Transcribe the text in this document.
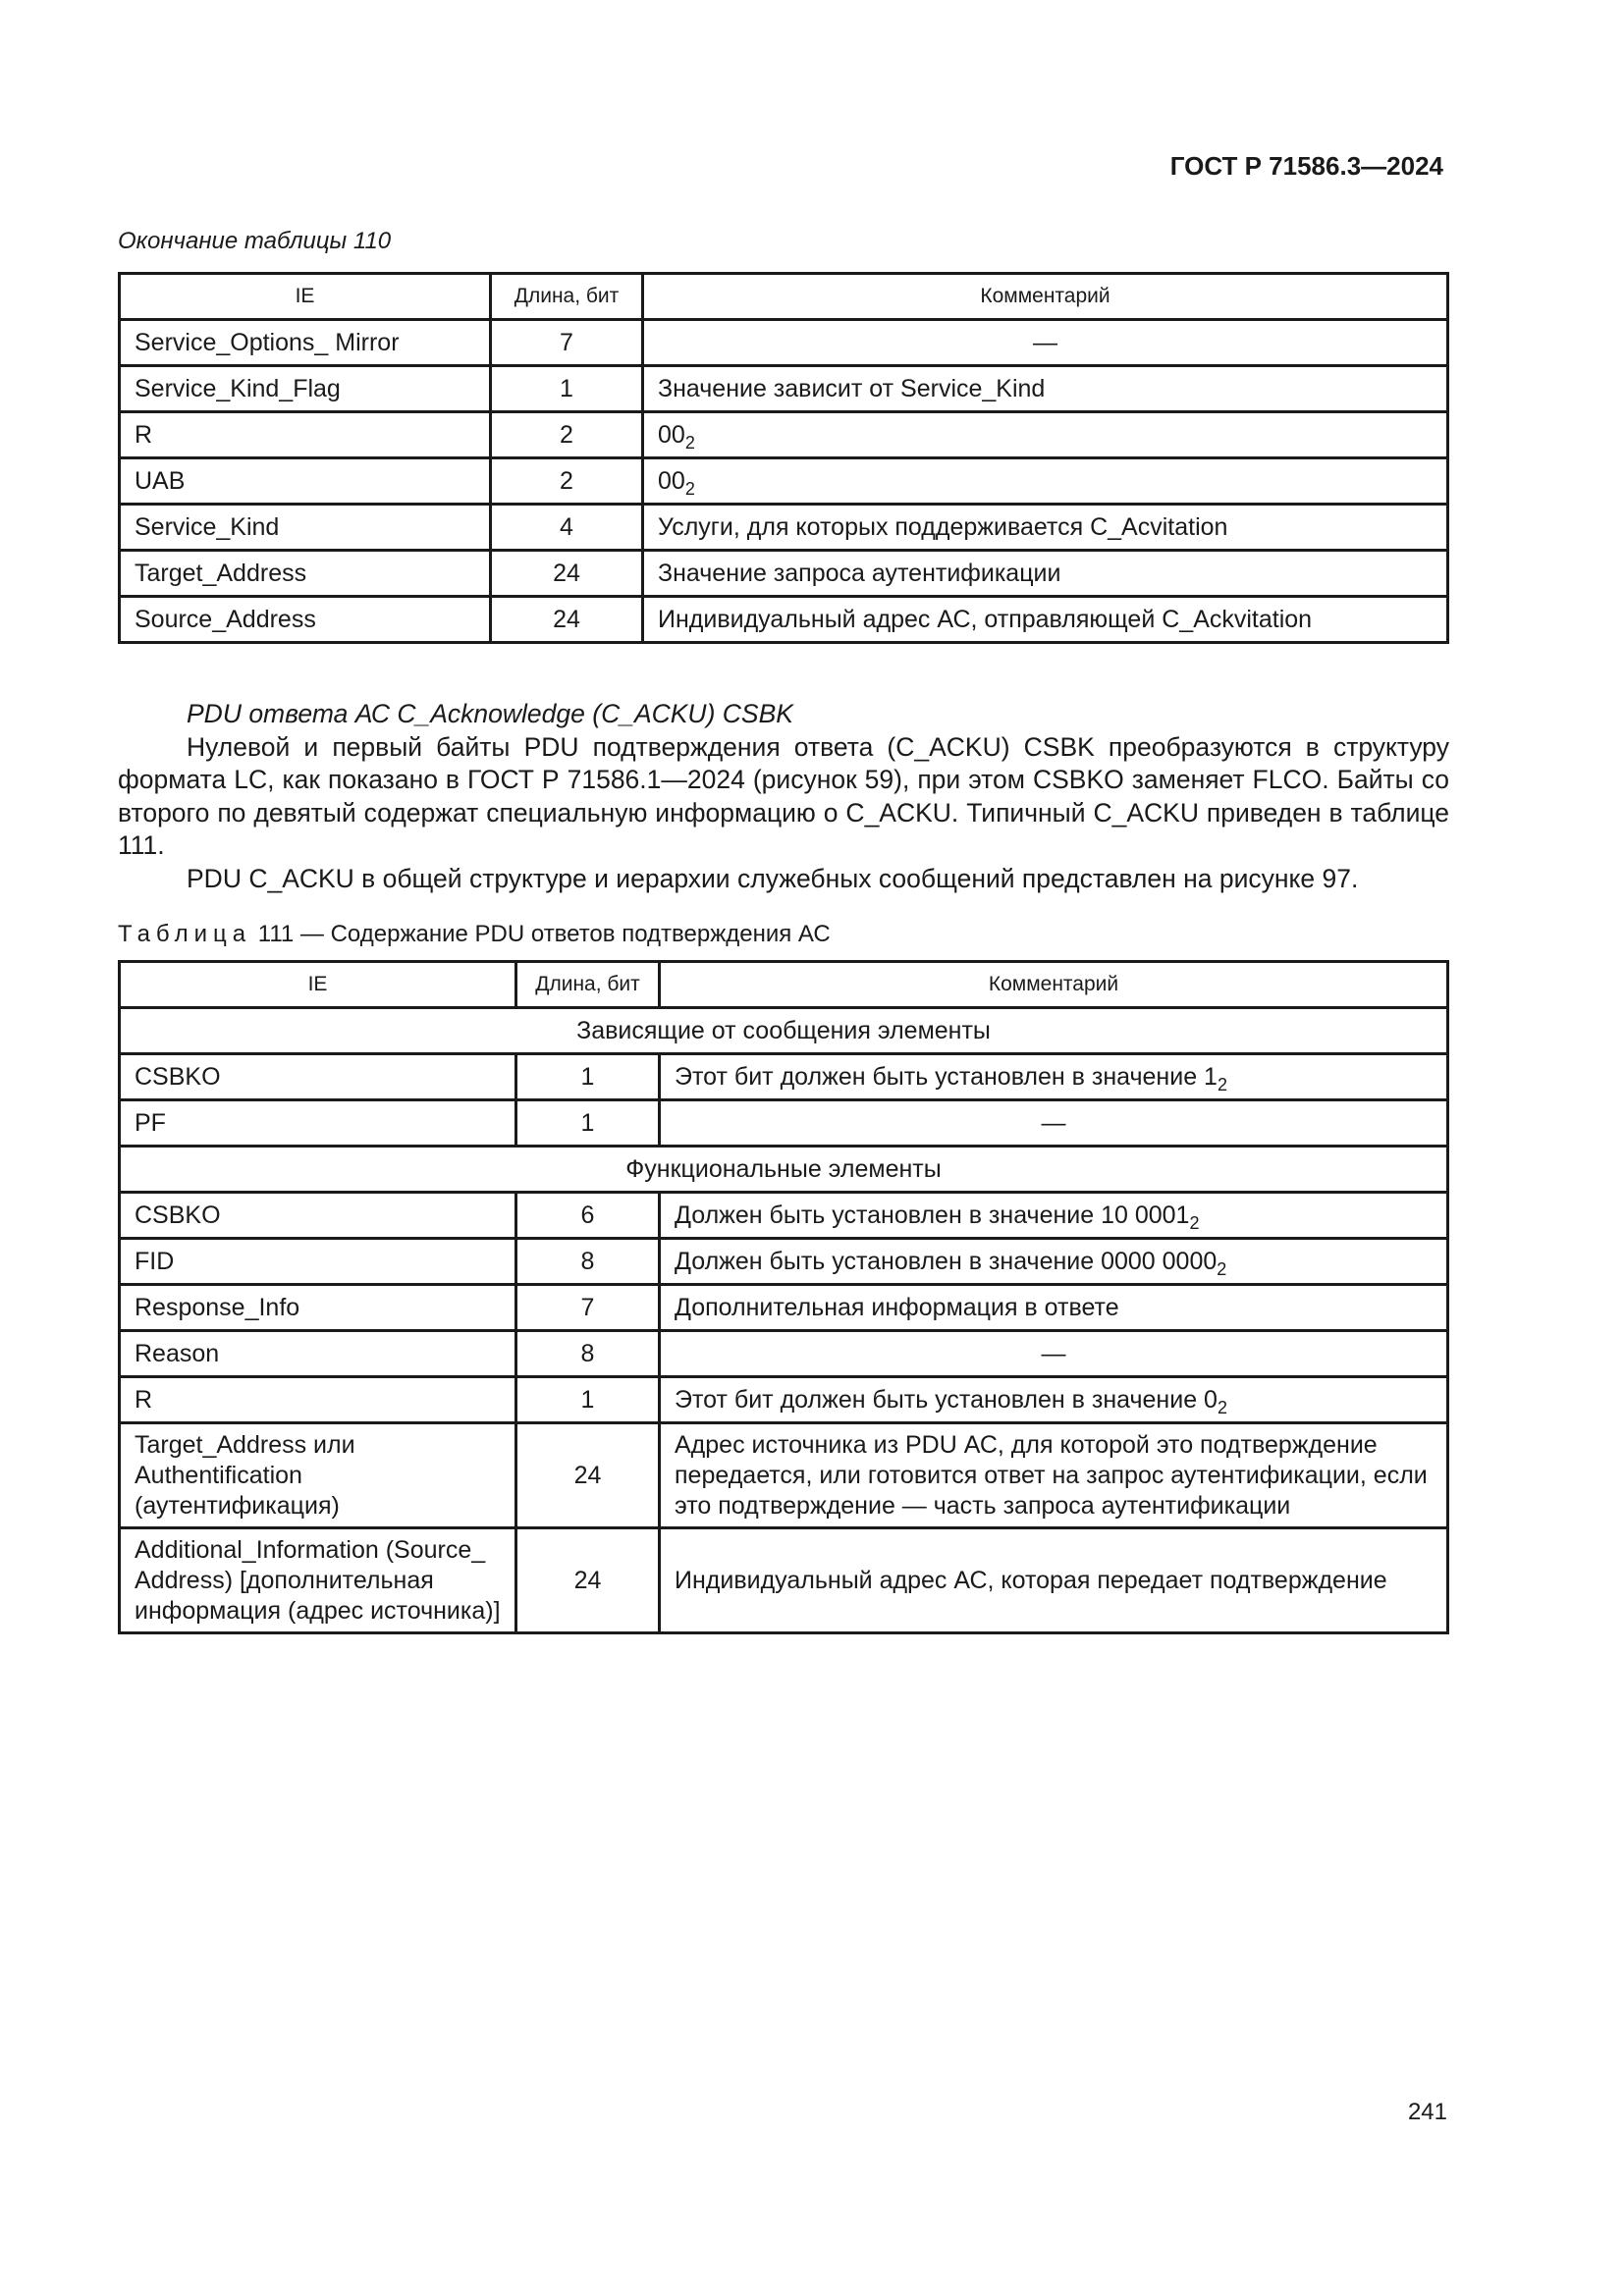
ГОСТ Р 71586.3—2024
Окончание таблицы 110
IE	Длина, бит	Комментарий
Service_Options_ Mirror	7	—
Service_Kind_Flag	1	Значение зависит от Service_Kind
R	2	$00_2$
UAB	2	$00_2$
Service_Kind	4	Услуги, для которых поддерживается C_Acvitation
Target_Address	24	Значение запроса аутентификации
Source_Address	24	Индивидуальный адрес АС, отправляющей C_Ackvitation

PDU ответа АС C_Acknowledge (C_ACKU) CSBK

Нулевой и первый байты PDU подтверждения ответа (C_ACKU) CSBK преобразуются в структуру формата LC, как показано в ГОСТ Р 71586.1—2024 (рисунок 59), при этом CSBKO заменяет FLCO. Байты со второго по девятый содержат специальную информацию о C_ACKU. Типичный C_ACKU приведен в таблице 111.

PDU C_ACKU в общей структуре и иерархии служебных сообщений представлен на рисунке 97.

Таблица 111 — Содержание PDU ответов подтверждения АС
IE	Длина, бит	Комментарий
Зависящие от сообщения элементы		
CSBKO	1	Этот бит должен быть установлен в значение $1_2$
PF	1	—
Функциональные элементы		
CSBKO	6	Должен быть установлен в значение 10 $0001_2$
FID	8	Должен быть установлен в значение 0000 $0000_2$
Response_Info	7	Дополнительная информация в ответе
Reason	8	—
R	1	Этот бит должен быть установлен в значение $0_2$
Target_Address или Authentification (аутентификация)	24	Адрес источника из PDU АС, для которой это подтверждение передается, или готовится ответ на запрос аутентификации, если это подтверждение — часть запроса аутентификации
Additional_Information (Source_ Address) [дополнительная информация (адрес источника)]	24	Индивидуальный адрес АС, которая передает подтверждение
241
